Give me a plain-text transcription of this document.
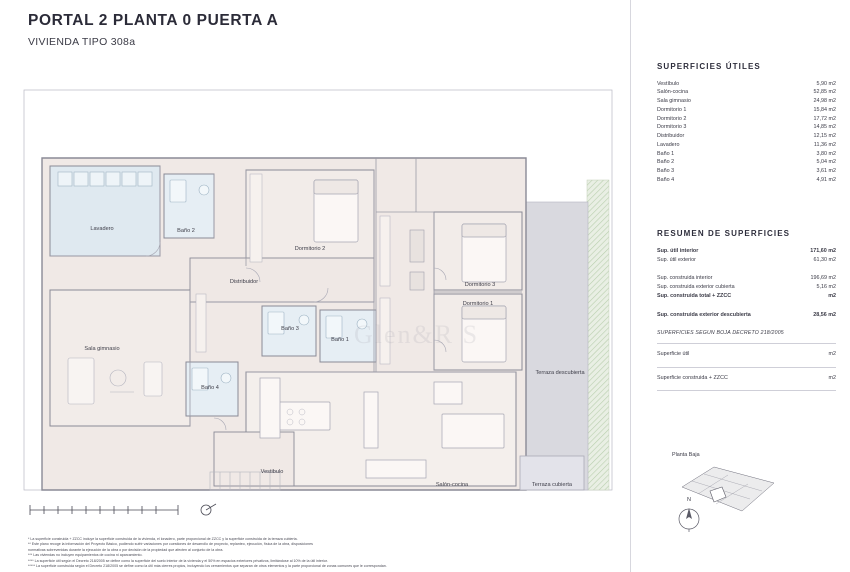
PORTAL 2 PLANTA 0 PUERTA A
VIVIENDA TIPO 308a
Lavadero	Baño 2
Dormitorio 2
Distribuidor	Dormitorio 3
Dormitorio 1
Baño 3
Baño 1
Sala gimnasio
Baño 4
Terraza descubierta
Vestibulo
Salón-cocina	Terraza cubierta
* La superficie construida + ZZCC incluye la superficie construida de la vivienda, el lonadero, parte proporcional de ZZCC y la superficie construida de la terraza cubierta.
** Este plano recoge la información del Proyecto Básico, pudiendo sufrir variaciones por cuestiones de desarrollo de proyecto, replanteo, ejecución, física de la obra, disposiciones
normativas sobrevenidas durante la ejecución de la obra o por decisión de la propiedad que afecten al conjunto de la obra.
*** Las viviendas no incluyen equipamientos de cocina ni aparcamiento.
**** La superficie útil según el Decreto 218/2005 se define como la superficie del suelo interior de la vivienda y el 50% en espacios exteriores privativos, limitándose al 10% de la útil interior.
***** La superficie construida según el Decreto 218/2005 se define como la útil más cierres propios, incluyendo los cerramientos que separan de otros elementos y la parte proporcional de zonas comunes que le correspondan.
SUPERFICIES ÚTILES
Vestíbulo	5,90 m2
Salón-cocina	52,85 m2
Sala gimnasio	24,98 m2
Dormitorio 1	15,84 m2
Dormitorio 2	17,72 m2
Dormitorio 3	14,85 m2
Distribuidor	12,15 m2
Lavadero	11,36 m2
Baño 1	3,80 m2
Baño 2	5,04 m2
Baño 3	3,61 m2
Baño 4	4,91 m2
RESUMEN DE SUPERFICIES
Sup. útil interior	171,60 m2
Sup. útil exterior	61,30 m2
Sup. construida interior	196,69 m2
Sup. construida exterior cubierta	5,16 m2
Sup. construida total + ZZCC	m2
Sup. construida exterior descubierta	28,56 m2
SUPERFICIES SEGUN BOJA DECRETO 218/2005
Superficie útil	m2
Superficie construida + ZZCC	m2
Planta Baja
N
